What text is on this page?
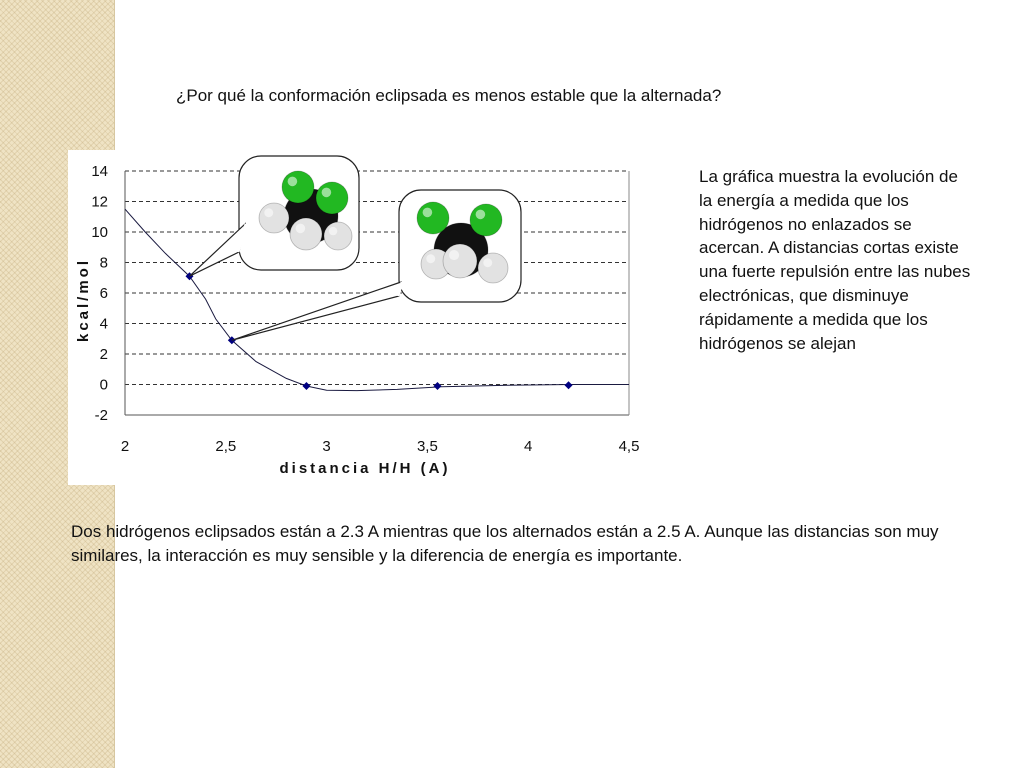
¿Por qué la conformación eclipsada es menos estable que la alternada?
-2
0
2
4
6
8
10
12
14
2	2,5	3	3,5	4	4,5
kcal/mol
distancia H/H (A)

La gráfica muestra la evolución de la energía a medida que los hidrógenos no enlazados se acercan. A distancias cortas existe una fuerte repulsión entre las nubes electrónicas, que disminuye rápidamente a medida que los hidrógenos se alejan

Dos hidrógenos eclipsados están a 2.3 A mientras que los alternados están a 2.5 A. Aunque las distancias son muy similares, la interacción es muy sensible y la diferencia de energía es importante.
